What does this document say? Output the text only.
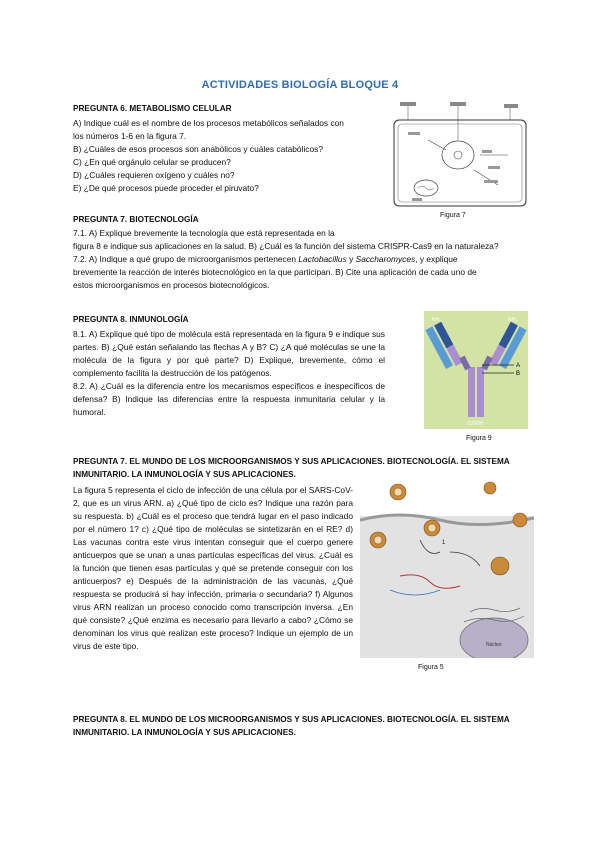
ACTIVIDADES BIOLOGÍA BLOQUE 4
PREGUNTA 6. METABOLISMO CELULAR
A) Indique cuál es el nombre de los procesos metabólicos señalados con
los números 1-6 en la figura 7.
B) ¿Cuáles de esos procesos son anabólicos y cuáles catabólicos?
C) ¿En qué orgánulo celular se producen?
D) ¿Cuáles requieren oxígeno y cuáles no?
E) ¿De qué procesos puede proceder el piruvato?
Figura 7
PREGUNTA 7. BIOTECNOLOGÍA
7.1. A) Explique brevemente la tecnología que está representada en la
figura 8 e indique sus aplicaciones en la salud. B) ¿Cuál es la función del sistema CRISPR-Cas9 en la naturaleza?
7.2. A) Indique a qué grupo de microorganismos pertenecen Lactobacillus y Saccharomyces, y explique
brevemente la reacción de interés biotecnológico en la que participan. B) Cite una aplicación de cada uno de
estos microorganismos en procesos biotecnológicos.
PREGUNTA 8. INMUNOLOGÍA
8.1. A) Explique qué tipo de molécula está representada en la figura 9 e indique sus partes. B) ¿Qué están señalando las flechas A y B? C) ¿A qué moléculas se une la molécula de la figura y por qué parte? D) Explique, brevemente, cómo el complemento facilita la destrucción de los patógenos.
8.2. A) ¿Cuál es la diferencia entre los mecanismos específicos e inespecíficos de defensa? B) Indique las diferencias entre la respuesta inmunitaria celular y la humoral.
A
B
NH₂	NH₂
COOH
Figura 9
PREGUNTA 7. EL MUNDO DE LOS MICROORGANISMOS Y SUS APLICACIONES. BIOTECNOLOGÍA. EL SISTEMA
INMUNITARIO. LA INMUNOLOGÍA Y SUS APLICACIONES.
La figura 5 representa el ciclo de infección de una célula por el SARS-CoV-2, que es un virus ARN. a) ¿Qué tipo de ciclo es? Indique una razón para su respuesta. b) ¿Cuál es el proceso que tendrá lugar en el paso indicado por el número 1? c) ¿Qué tipo de moléculas se sintetizarán en el RE? d) Las vacunas contra este virus intentan conseguir que el cuerpo genere anticuerpos que se unan a unas partículas específicas del virus. ¿Cuál es la función que tienen esas partículas y qué se pretende conseguir con los anticuerpos? e) Después de la administración de las vacunas, ¿Qué respuesta se producirá si hay infección, primaria o secundaria? f) Algunos virus ARN realizan un proceso conocido como transcripción inversa. ¿En qué consiste? ¿Qué enzima es necesario para llevarlo a cabo? ¿Cómo se denominan los virus que realizan este proceso? Indique un ejemplo de un virus de este tipo.	Núcleo
1
Figura 5
PREGUNTA 8. EL MUNDO DE LOS MICROORGANISMOS Y SUS APLICACIONES. BIOTECNOLOGÍA. EL SISTEMA
INMUNITARIO. LA INMUNOLOGÍA Y SUS APLICACIONES.
